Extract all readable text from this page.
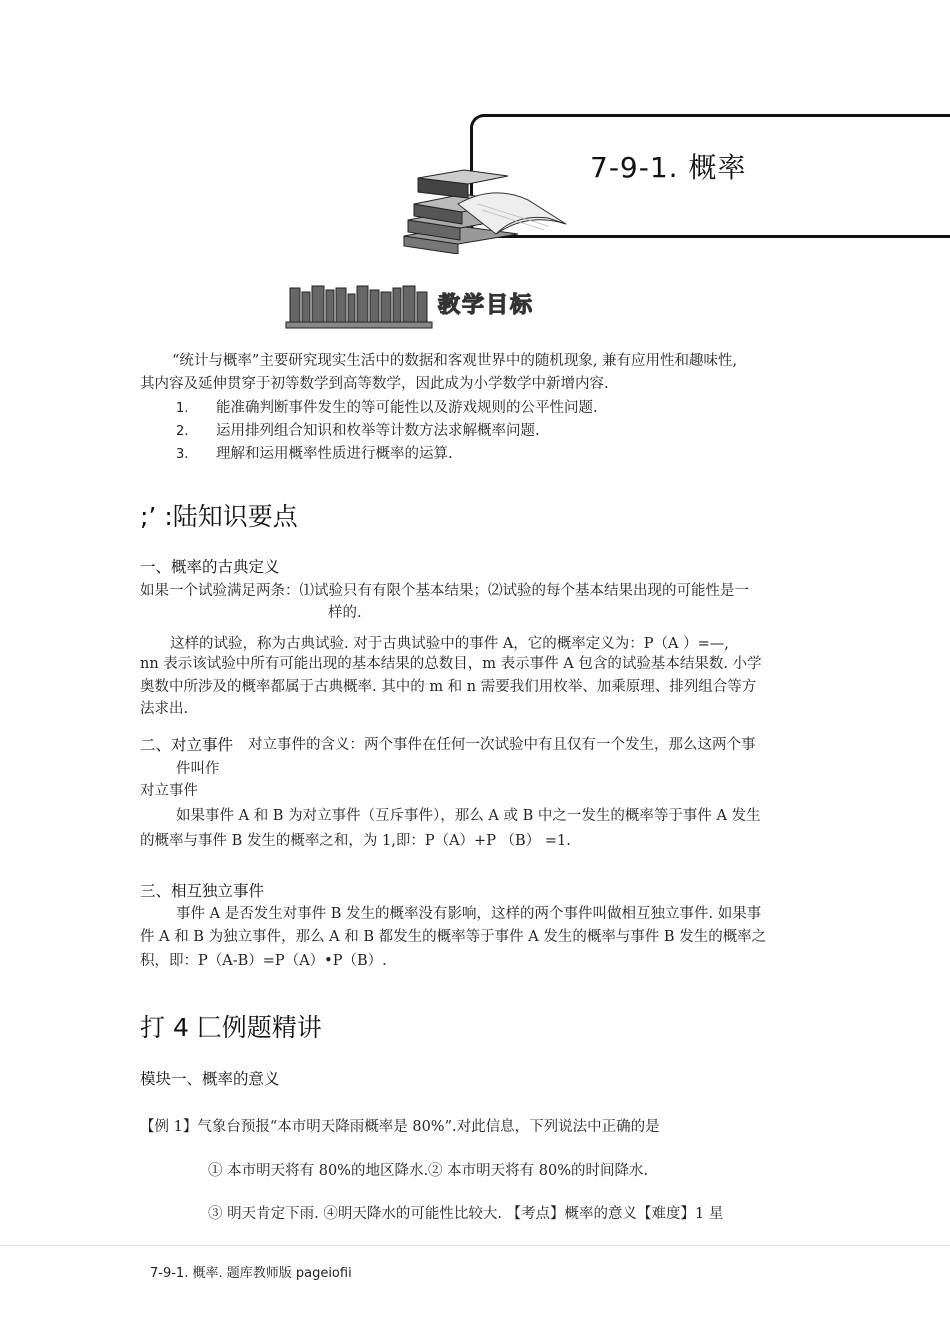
7-9-1. 概率
教学目标
“统计与概率”主要研究现实生活中的数据和客观世界中的随机现象, 兼有应用性和趣味性,
其内容及延伸贯穿于初等数学到高等数学，因此成为小学数学中新增内容.
1. 能准确判断事件发生的等可能性以及游戏规则的公平性问题.
2. 运用排列组合知识和枚举等计数方法求解概率问题.
3. 理解和运用概率性质进行概率的运算.
;’ :陆知识要点
一、概率的古典定义
如果一个试验满足两条：⑴试验只有有限个基本结果；⑵试验的每个基本结果出现的可能性是一
样的.
这样的试验，称为古典试验. 对于古典试验中的事件 A，它的概率定义为：P（A ）=—,
nn 表示该试验中所有可能出现的基本结果的总数目，m 表示事件 A 包含的试验基本结果数. 小学
奥数中所涉及的概率都属于古典概率. 其中的 m 和 n 需要我们用枚举、加乘原理、排列组合等方
法求出.
二、对立事件 对立事件的含义：两个事件在任何一次试验中有且仅有一个发生，那么这两个事
件叫作
对立事件
如果事件 A 和 B 为对立事件（互斥事件），那么 A 或 B 中之一发生的概率等于事件 A 发生
的概率与事件 B 发生的概率之和，为 1,即：P（A）+P （B） =1.
三、相互独立事件
事件 A 是否发生对事件 B 发生的概率没有影响，这样的两个事件叫做相互独立事件. 如果事
件 A 和 B 为独立事件，那么 A 和 B 都发生的概率等于事件 A 发生的概率与事件 B 发生的概率之
积，即：P（A-B）=P（A）•P（B）.
打 4 匚例题精讲
模块一、概率的意义
【例 1】气象台预报“本市明天降雨概率是 80%”.对此信息，下列说法中正确的是
① 本市明天将有 80%的地区降水.② 本市明天将有 80%的时间降水.
③ 明天肯定下雨. ④明天降水的可能性比较大. 【考点】概率的意义【难度】1 星
7-9-1. 概率. 题库教师版 pageiofii
